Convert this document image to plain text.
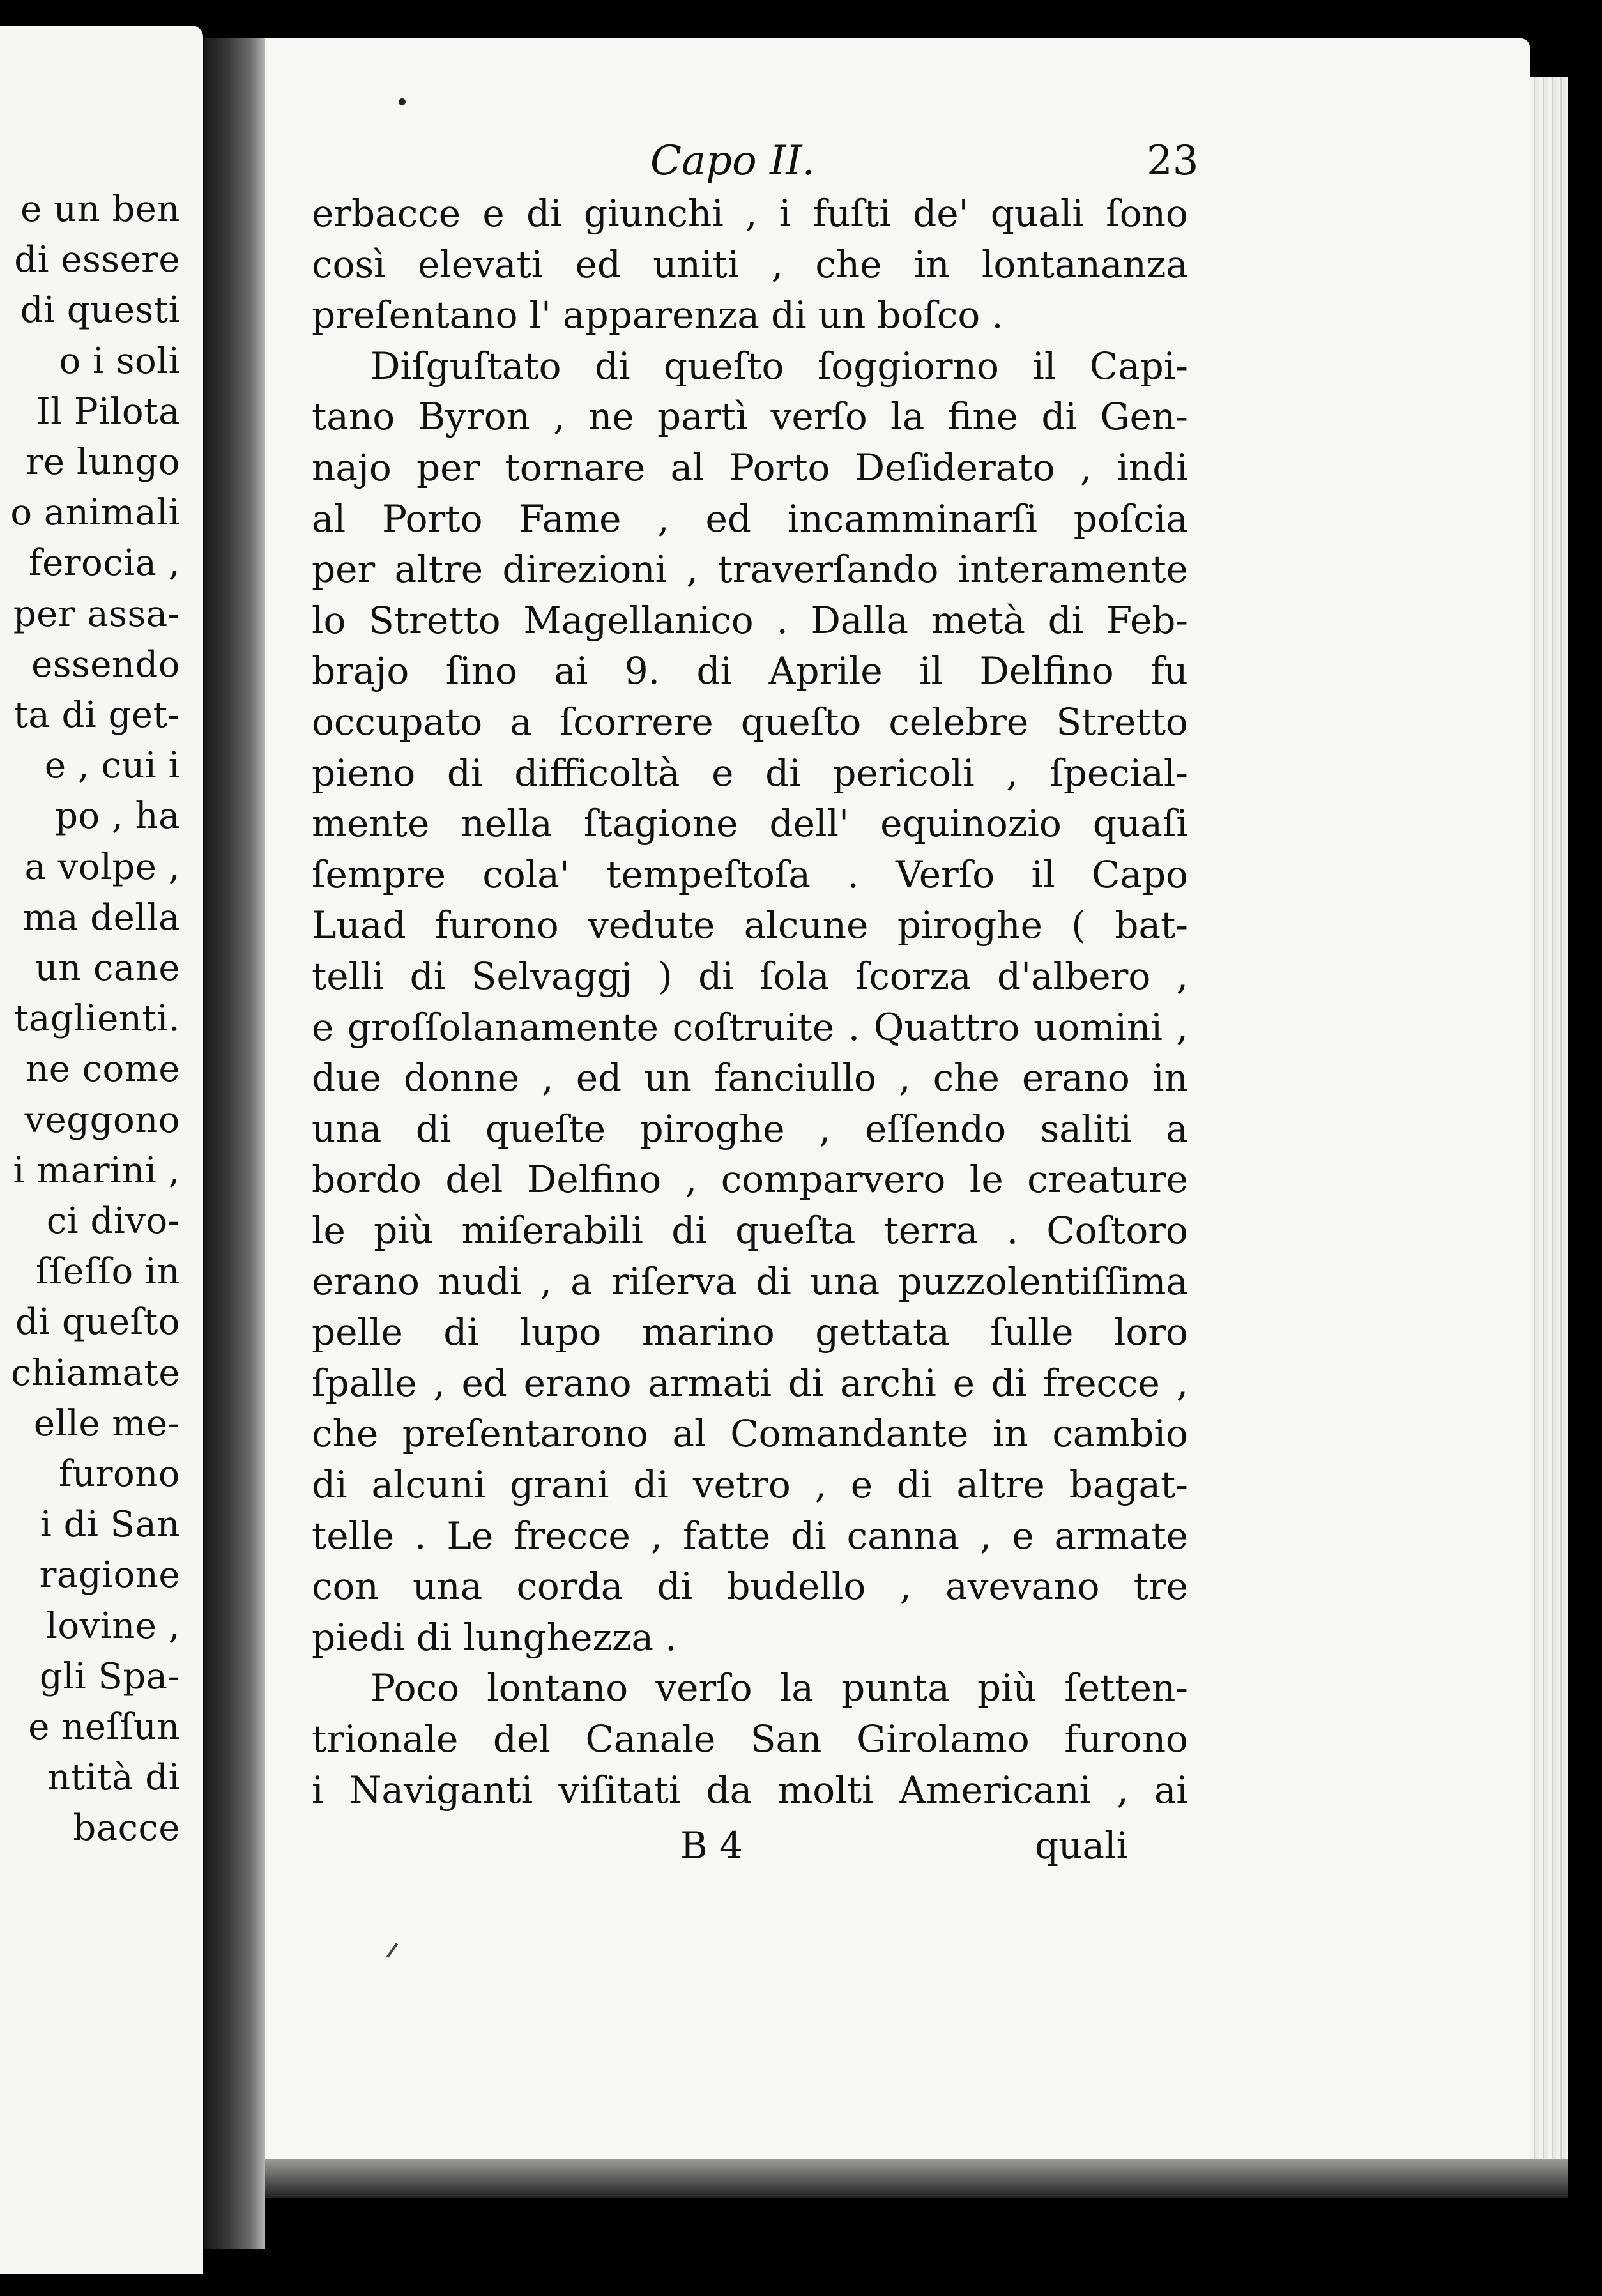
e un ben
di essere
di questi
o i soli
Il Pilota
re lungo
o animali
ferocia ,
per assa-
essendo
ta di get-
e , cui i
po , ha
a volpe ,
ma della
un cane
taglienti.
ne come
veggono
i marini ,
ci divo-
ſſeſſo in
di queſto
chiamate
elle me-
furono
i di San
ragione
lovine ,
gli Spa-
e neſſun
ntità di
bacce
Capo II.	23
erbacce e di giunchi , i fuſti de' quali ſono
così elevati ed uniti , che in lontananza
preſentano l' apparenza di un boſco .
Diſguſtato di queſto ſoggiorno il Capi-
tano Byron , ne partì verſo la fine di Gen-
najo per tornare al Porto Deſiderato , indi
al Porto Fame , ed incamminarſi poſcia
per altre direzioni , traverſando interamente
lo Stretto Magellanico . Dalla metà di Feb-
brajo ſino ai 9. di Aprile il Delfino fu
occupato a ſcorrere queſto celebre Stretto
pieno di difficoltà e di pericoli , ſpecial-
mente nella ſtagione dell' equinozio quaſi
ſempre cola' tempeſtoſa . Verſo il Capo
Luad furono vedute alcune piroghe ( bat-
telli di Selvaggj ) di ſola ſcorza d'albero ,
e groſſolanamente coſtruite . Quattro uomini ,
due donne , ed un fanciullo , che erano in
una di queſte piroghe , eſſendo saliti a
bordo del Delfino , comparvero le creature
le più miſerabili di queſta terra . Coſtoro
erano nudi , a riſerva di una puzzolentiſſima
pelle di lupo marino gettata ſulle loro
ſpalle , ed erano armati di archi e di frecce ,
che preſentarono al Comandante in cambio
di alcuni grani di vetro , e di altre bagat-
telle . Le frecce , fatte di canna , e armate
con una corda di budello , avevano tre
piedi di lunghezza .
Poco lontano verſo la punta più ſetten-
trionale del Canale San Girolamo furono
i Naviganti viſitati da molti Americani , ai
B 4	quali
